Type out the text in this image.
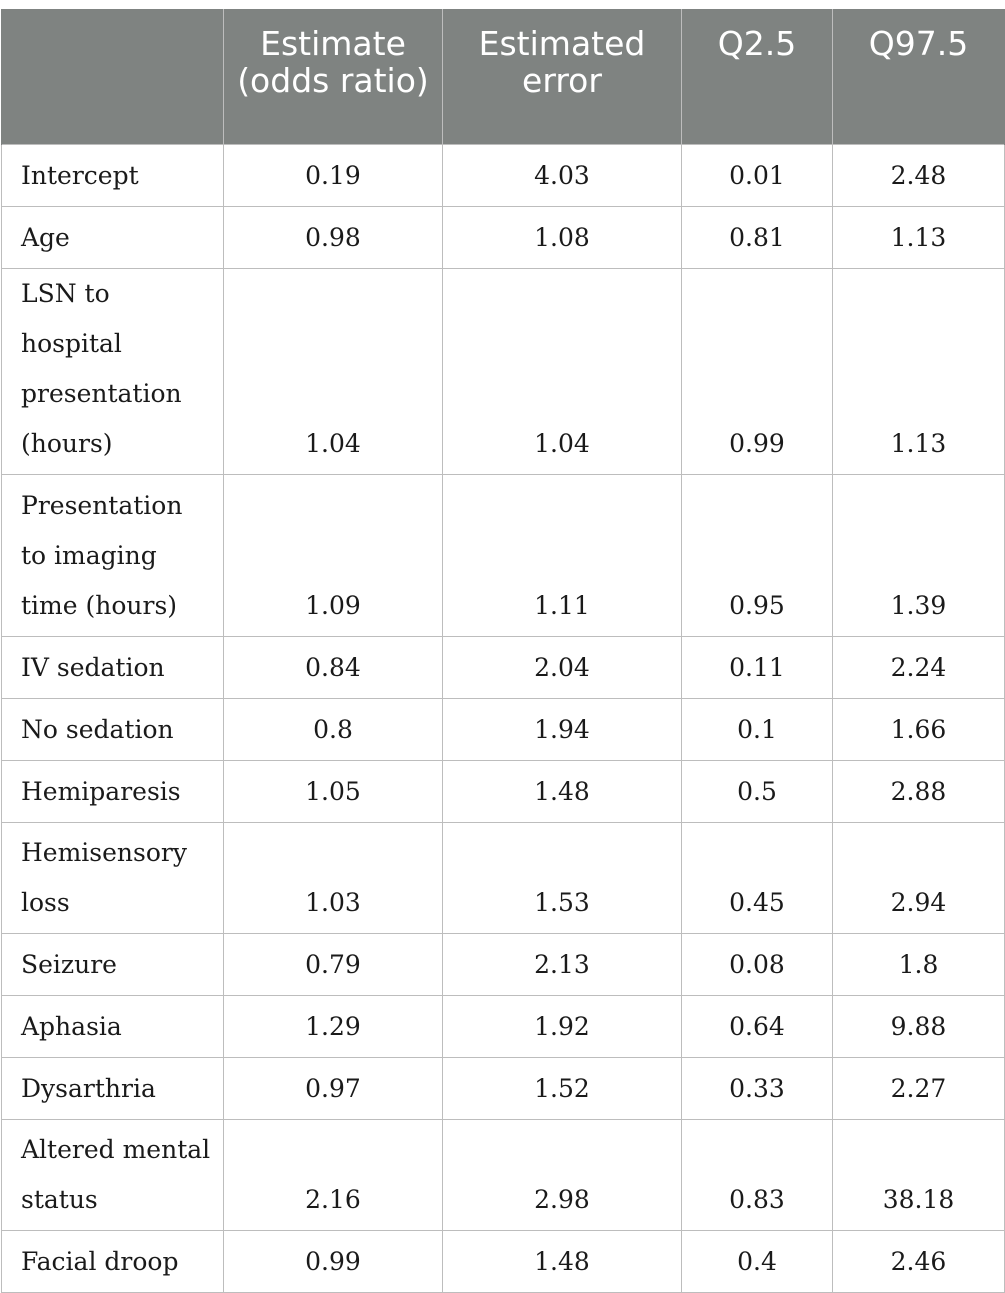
	Estimate (odds ratio)	Estimated error	Q2.5	Q97.5
Intercept	0.19	4.03	0.01	2.48
Age	0.98	1.08	0.81	1.13
LSN to hospital presentation (hours)	1.04	1.04	0.99	1.13
Presentation to imaging time (hours)	1.09	1.11	0.95	1.39
IV sedation	0.84	2.04	0.11	2.24
No sedation	0.8	1.94	0.1	1.66
Hemiparesis	1.05	1.48	0.5	2.88
Hemisensory loss	1.03	1.53	0.45	2.94
Seizure	0.79	2.13	0.08	1.8
Aphasia	1.29	1.92	0.64	9.88
Dysarthria	0.97	1.52	0.33	2.27
Altered mental status	2.16	2.98	0.83	38.18
Facial droop	0.99	1.48	0.4	2.46
